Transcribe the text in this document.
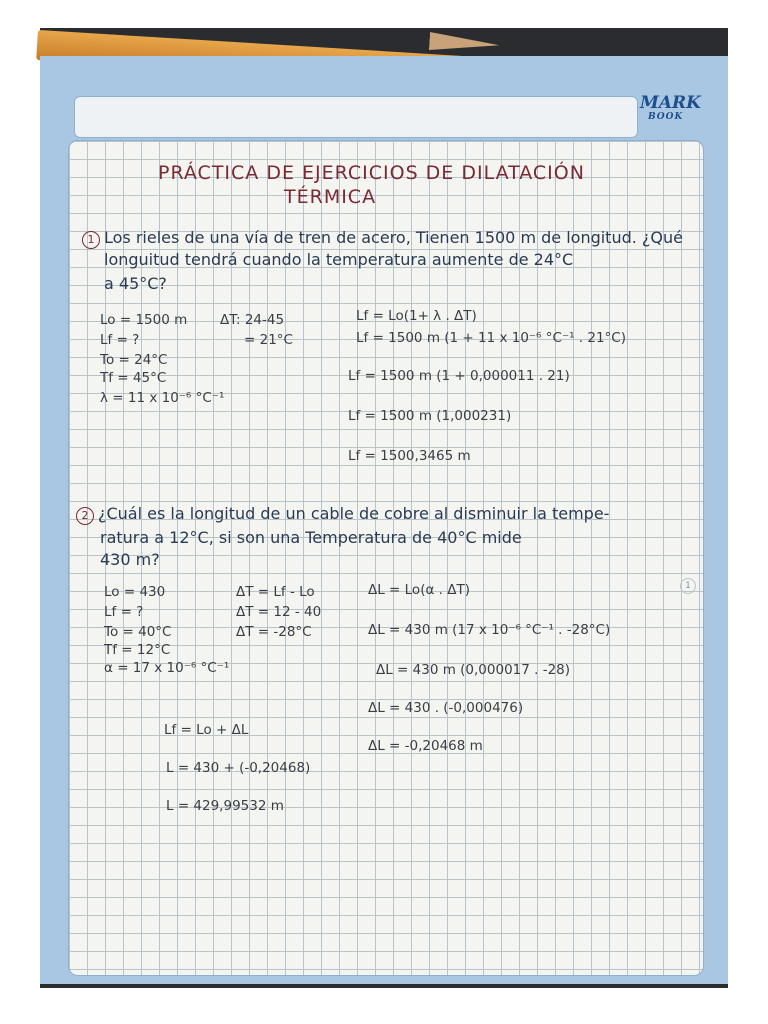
MARK
BOOK
PRÁCTICA DE EJERCICIOS DE DILATACIÓN
TÉRMICA
1 Los rieles de una vía de tren de acero, Tienen 1500 m de longitud. ¿Qué
longuitud tendrá cuando la temperatura aumente de 24°C
a 45°C?
Lo = 1500 m
Lf = ?
To = 24°C
Tf = 45°C
λ = 11 x 10⁻⁶ °C⁻¹
ΔT: 24-45
= 21°C
Lf = Lo(1+ λ . ΔT)
Lf = 1500 m (1 + 11 x 10⁻⁶ °C⁻¹ . 21°C)
Lf = 1500 m (1 + 0,000011 . 21)
Lf = 1500 m (1,000231)
Lf = 1500,3465 m
2 ¿Cuál es la longitud de un cable de cobre al disminuir la tempe-
ratura a 12°C, si son una Temperatura de 40°C mide
430 m?
Lo = 430
Lf = ?
To = 40°C
Tf = 12°C
α = 17 x 10⁻⁶ °C⁻¹
ΔT = Lf - Lo
ΔT = 12 - 40
ΔT = -28°C
ΔL = Lo(α . ΔT)
ΔL = 430 m (17 x 10⁻⁶ °C⁻¹ . -28°C)
ΔL = 430 m (0,000017 . -28)
ΔL = 430 . (-0,000476)
ΔL = -0,20468 m
Lf = Lo + ΔL
L = 430 + (-0,20468)
L = 429,99532 m
1
